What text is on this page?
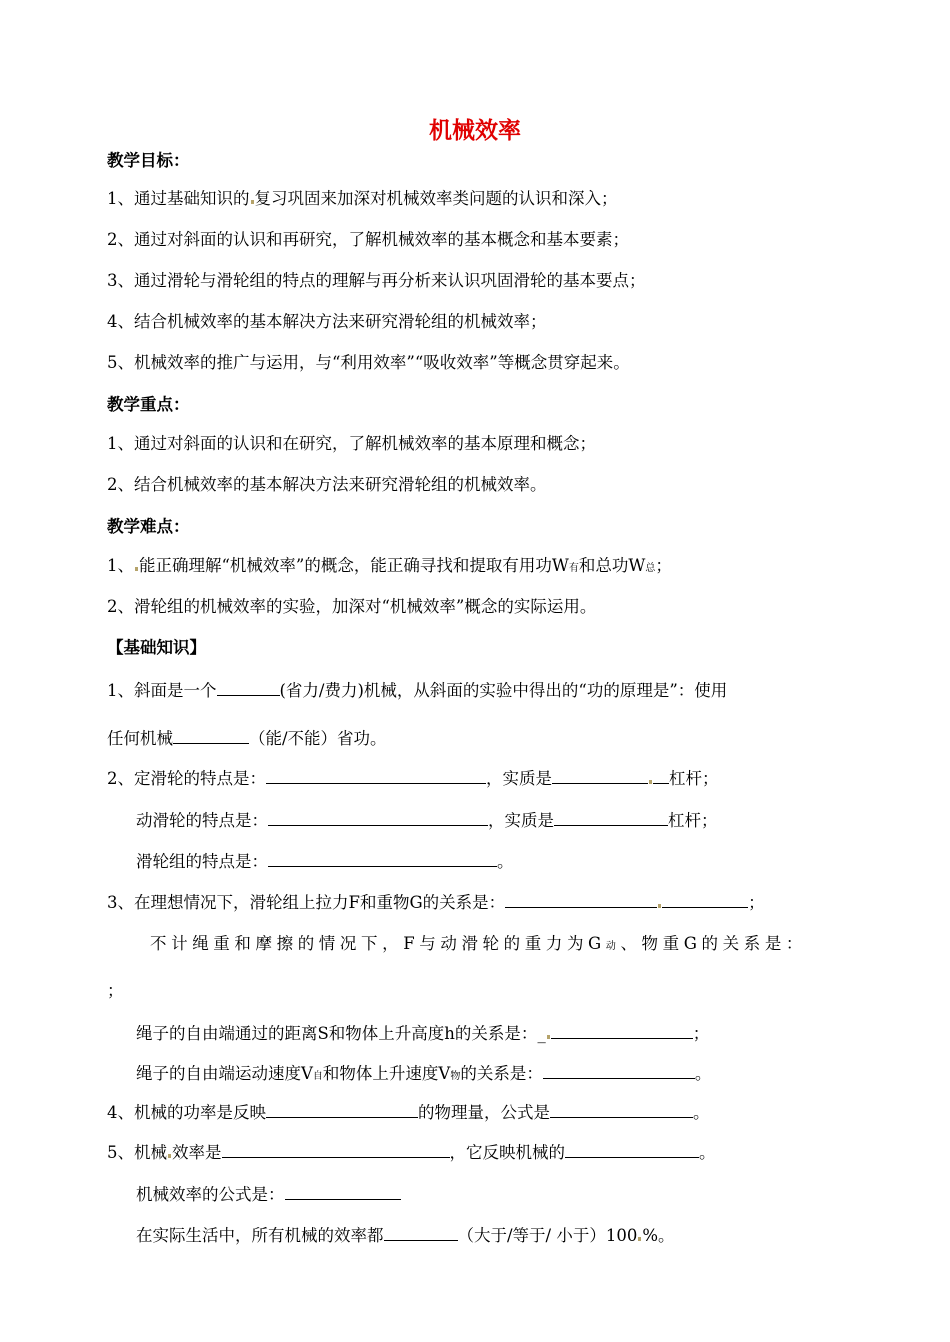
机械效率
教学目标：
1、通过基础知识的 复习巩固来加深对机械效率类问题的认识和深入；
2、通过对斜面的认识和再研究，了解机械效率的基本概念和基本要素；
3、通过滑轮与滑轮组的特点的理解与再分析来认识巩固滑轮的基本要点；
4、结合机械效率的基本解决方法来研究滑轮组的机械效率；
5、机械效率的推广与运用，与“利用效率”“吸收效率”等概念贯穿起来。
教学重点：
1、通过对斜面的认识和在研究，了解机械效率的基本原理和概念；
2、结合机械效率的基本解决方法来研究滑轮组的机械效率。
教学难点：
1、 能正确理解“机械效率”的概念，能正确寻找和提取有用功W有和总功W总；
2、滑轮组的机械效率的实验，加深对“机械效率”概念的实际运用。
【基础知识】
1、斜面是一个	(省力/费力)机械，从斜面的实验中得出的“功的原理是”：使用
任何机械	（能/不能）省功。
2、定滑轮的特点是：	，实质是	杠杆；
动滑轮的特点是：	，实质是	杠杆；
滑轮组的特点是：	。
3、在理想情况下，滑轮组上拉力F和重物G的关系是：	；
不计绳重和摩擦的情况下，F与动滑轮的重力为G动、物重G的关系是：
；
绳子的自由端通过的距离S和物体上升高度h的关系是：_	；
绳子的自由端运动速度V自和物体上升速度V物的关系是：	。
4、机械的功率是反映	的物理量，公式是	。
5、机械 效率是	，它反映机械的	。
机械效率的公式是：
在实际生活中，所有机械的效率都	（大于/等于/ 小于）100 %。
